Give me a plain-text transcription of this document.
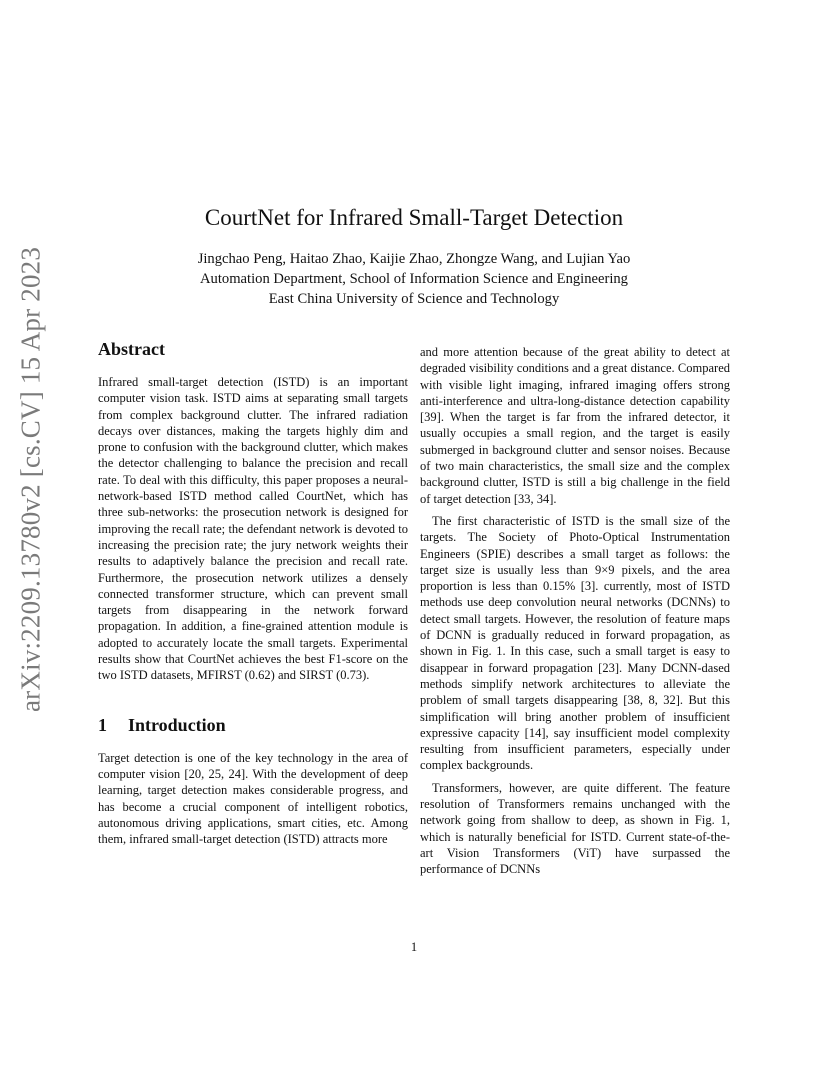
arXiv:2209.13780v2 [cs.CV] 15 Apr 2023
CourtNet for Infrared Small-Target Detection
Jingchao Peng, Haitao Zhao, Kaijie Zhao, Zhongze Wang, and Lujian Yao
Automation Department, School of Information Science and Engineering
East China University of Science and Technology
Abstract

Infrared small-target detection (ISTD) is an important computer vision task. ISTD aims at separating small targets from complex background clutter. The infrared radiation decays over distances, making the targets highly dim and prone to confusion with the background clutter, which makes the detector challenging to balance the precision and recall rate. To deal with this difficulty, this paper proposes a neural-network-based ISTD method called CourtNet, which has three sub-networks: the prosecution network is designed for improving the recall rate; the defendant network is devoted to increasing the precision rate; the jury network weights their results to adaptively balance the precision and recall rate. Furthermore, the prosecution network utilizes a densely connected transformer structure, which can prevent small targets from disappearing in the network forward propagation. In addition, a fine-grained attention module is adopted to accurately locate the small targets. Experimental results show that CourtNet achieves the best F1-score on the two ISTD datasets, MFIRST (0.62) and SIRST (0.73).

1 Introduction

Target detection is one of the key technology in the area of computer vision [20, 25, 24]. With the development of deep learning, target detection makes considerable progress, and has become a crucial component of intelligent robotics, autonomous driving applications, smart cities, etc. Among them, infrared small-target detection (ISTD) attracts more

and more attention because of the great ability to detect at degraded visibility conditions and a great distance. Compared with visible light imaging, infrared imaging offers strong anti-interference and ultra-long-distance detection capability [39]. When the target is far from the infrared detector, it usually occupies a small region, and the target is easily submerged in background clutter and sensor noises. Because of two main characteristics, the small size and the complex background clutter, ISTD is still a big challenge in the field of target detection [33, 34].

The first characteristic of ISTD is the small size of the targets. The Society of Photo-Optical Instrumentation Engineers (SPIE) describes a small target as follows: the target size is usually less than 9×9 pixels, and the area proportion is less than 0.15% [3]. currently, most of ISTD methods use deep convolution neural networks (DCNNs) to detect small targets. However, the resolution of feature maps of DCNN is gradually reduced in forward propagation, as shown in Fig. 1. In this case, such a small target is easy to disappear in forward propagation [23]. Many DCNN-dased methods simplify network architectures to alleviate the problem of small targets disappearing [38, 8, 32]. But this simplification will bring another problem of insufficient expressive capacity [14], say insufficient model complexity resulting from insufficient parameters, especially under complex backgrounds.

Transformers, however, are quite different. The feature resolution of Transformers remains unchanged with the network going from shallow to deep, as shown in Fig. 1, which is naturally beneficial for ISTD. Current state-of-the-art Vision Transformers (ViT) have surpassed the performance of DCNNs

1
